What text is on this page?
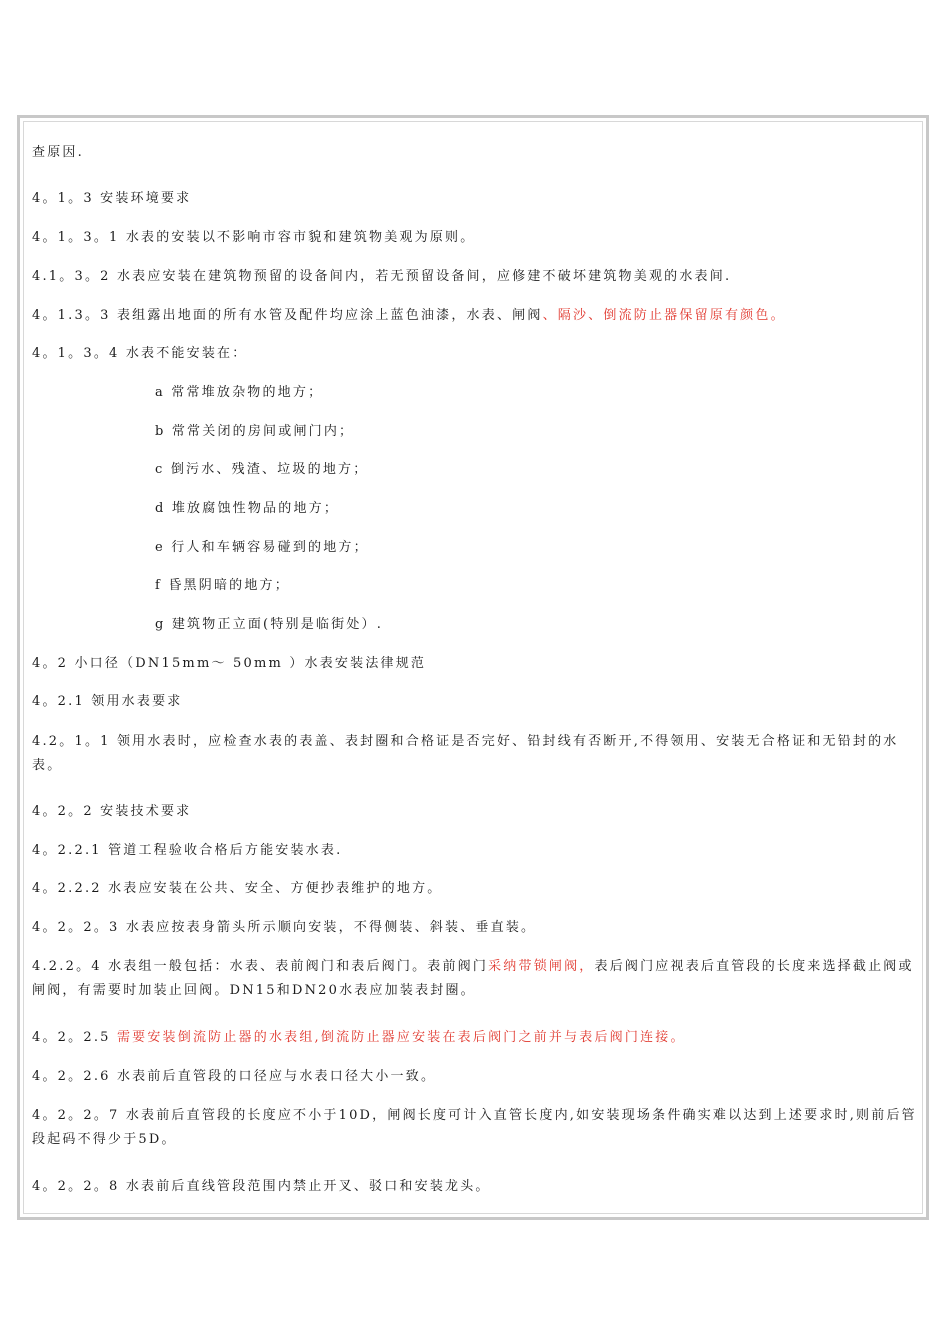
查原因.
4。1。3 安装环境要求
4。1。3。1 水表的安装以不影响市容市貌和建筑物美观为原则。
4.1。3。2 水表应安装在建筑物预留的设备间内，若无预留设备间，应修建不破坏建筑物美观的水表间.
4。1.3。3 表组露出地面的所有水管及配件均应涂上蓝色油漆，水表、闸阀、隔沙、倒流防止器保留原有颜色。
4。1。3。4 水表不能安装在：
a 常常堆放杂物的地方；
b 常常关闭的房间或闸门内；
c 倒污水、残渣、垃圾的地方；
d 堆放腐蚀性物品的地方；
e 行人和车辆容易碰到的地方；
f 昏黑阴暗的地方；
g 建筑物正立面(特别是临街处）.
4。2 小口径（DN15mm～ 50mm ）水表安装法律规范
4。2.1 领用水表要求
4.2。1。1 领用水表时，应检查水表的表盖、表封圈和合格证是否完好、铅封线有否断开,不得领用、安装无合格证和无铅封的水表。
4。2。2 安装技术要求
4。2.2.1 管道工程验收合格后方能安装水表.
4。2.2.2 水表应安装在公共、安全、方便抄表维护的地方。
4。2。2。3 水表应按表身箭头所示顺向安装，不得侧装、斜装、垂直装。
4.2.2。4 水表组一般包括：水表、表前阀门和表后阀门。表前阀门采纳带锁闸阀，表后阀门应视表后直管段的长度来选择截止阀或闸阀，有需要时加装止回阀。DN15和DN20水表应加装表封圈。
4。2。2.5 需要安装倒流防止器的水表组,倒流防止器应安装在表后阀门之前并与表后阀门连接。
4。2。2.6 水表前后直管段的口径应与水表口径大小一致。
4。2。2。7 水表前后直管段的长度应不小于10D，闸阀长度可计入直管长度内,如安装现场条件确实难以达到上述要求时,则前后管段起码不得少于5D。
4。2。2。8 水表前后直线管段范围内禁止开叉、驳口和安装龙头。
